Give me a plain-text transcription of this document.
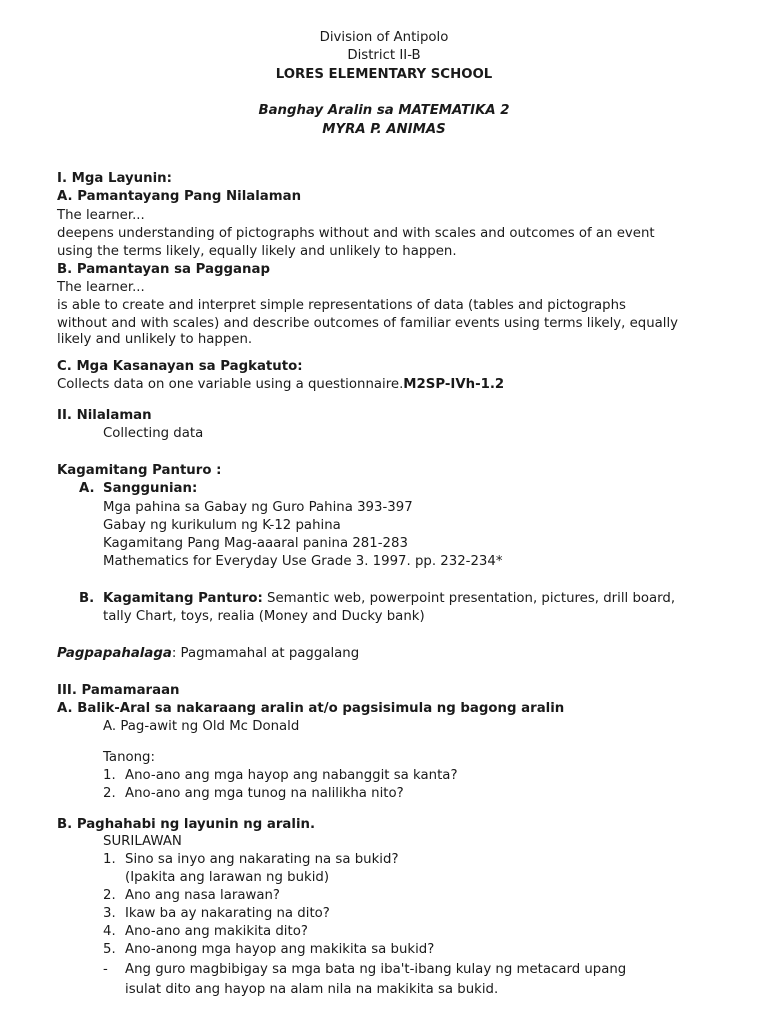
Division of Antipolo
District II-B
LORES ELEMENTARY SCHOOL
Banghay Aralin sa MATEMATIKA 2
MYRA P. ANIMAS
I. Mga Layunin:
A. Pamantayang Pang Nilalaman
The learner...
deepens understanding of pictographs without and with scales and outcomes of an event
using the terms likely, equally likely and unlikely to happen.
B. Pamantayan sa Pagganap
The learner...
is able to create and interpret simple representations of data (tables and pictographs
without and with scales) and describe outcomes of familiar events using terms likely, equally
likely and unlikely to happen.
C. Mga Kasanayan sa Pagkatuto:
Collects data on one variable using a questionnaire.M2SP-IVh-1.2
II. Nilalaman
Collecting data
Kagamitang Panturo :
A. Sanggunian:
Mga pahina sa Gabay ng Guro Pahina 393-397
Gabay ng kurikulum ng K-12 pahina
Kagamitang Pang Mag-aaaral panina 281-283
Mathematics for Everyday Use Grade 3. 1997. pp. 232-234*
B. Kagamitang Panturo: Semantic web, powerpoint presentation, pictures, drill board,
tally Chart, toys, realia (Money and Ducky bank)
Pagpapahalaga: Pagmamahal at paggalang
III. Pamamaraan
A. Balik-Aral sa nakaraang aralin at/o pagsisimula ng bagong aralin
A. Pag-awit ng Old Mc Donald
Tanong:
1. Ano-ano ang mga hayop ang nabanggit sa kanta?
2. Ano-ano ang mga tunog na nalilikha nito?
B. Paghahabi ng layunin ng aralin.
SURILAWAN
1. Sino sa inyo ang nakarating na sa bukid?
(Ipakita ang larawan ng bukid)
2. Ano ang nasa larawan?
3. Ikaw ba ay nakarating na dito?
4. Ano-ano ang makikita dito?
5. Ano-anong mga hayop ang makikita sa bukid?
- Ang guro magbibigay sa mga bata ng iba't-ibang kulay ng metacard upang
isulat dito ang hayop na alam nila na makikita sa bukid.
